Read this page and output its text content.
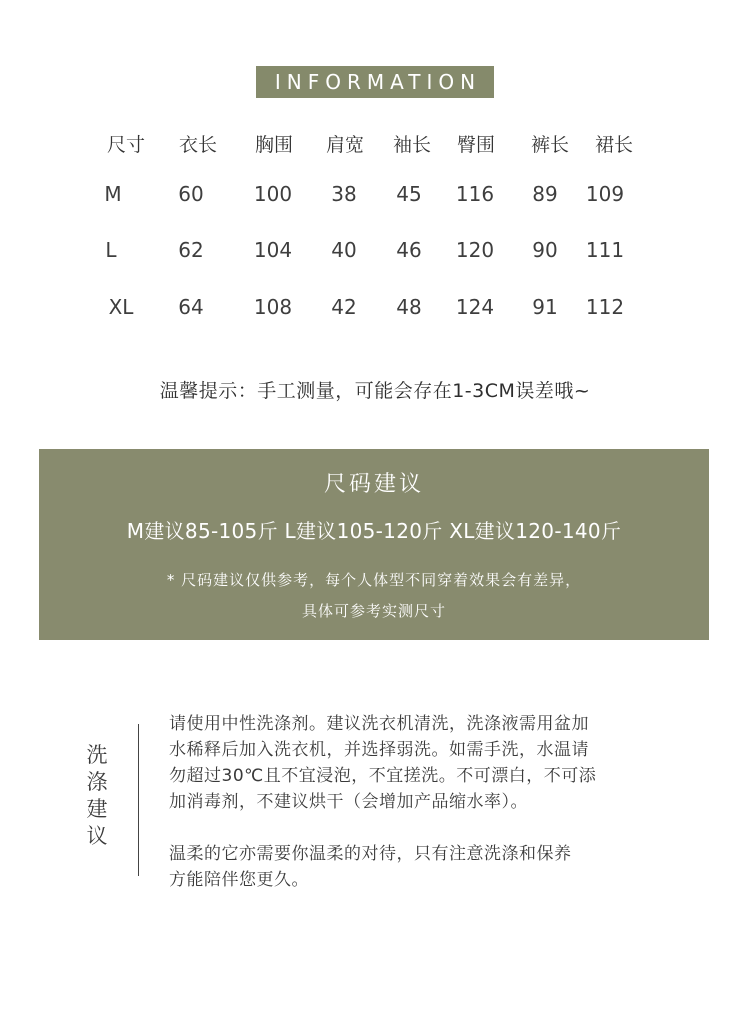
INFORMATION
尺寸 衣长 胸围 肩宽 袖长 臀围 裤长 裙长
M	60	100 38 45 116 89 109
L	62	104 40 46 120 90 111
XL 64	108 42 48 124 91 112
温馨提示：手工测量，可能会存在1-3CM误差哦~
尺码建议
M建议85-105斤 L建议105-120斤 XL建议120-140斤
* 尺码建议仅供参考，每个人体型不同穿着效果会有差异，
具体可参考实测尺寸
洗
涤
建
议

请使用中性洗涤剂。建议洗衣机清洗，洗涤液需用盆加
水稀释后加入洗衣机，并选择弱洗。如需手洗，水温请
勿超过30℃且不宜浸泡，不宜搓洗。不可漂白，不可添
加消毒剂，不建议烘干（会增加产品缩水率）。

温柔的它亦需要你温柔的对待，只有注意洗涤和保养
方能陪伴您更久。
